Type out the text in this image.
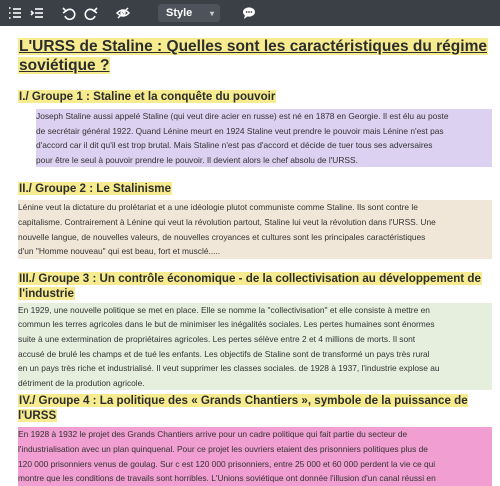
Style ▾
L'URSS de Staline : Quelles sont les caractéristiques du régime
soviétique ?
I./ Groupe 1 : Staline et la conquête du pouvoir

Joseph Staline aussi appelé Staline (qui veut dire acier en russe) est né en 1878 en Georgie. Il est élu au poste

de secrétair général 1922. Quand Lénine meurt en 1924 Staline veut prendre le pouvoir mais Lénine n'est pas

d'accord car il dit qu'il est trop brutal. Mais Staline n'est pas d'accord et décide de tuer tous ses adversaires

pour être le seul à pouvoir prendre le pouvoir. Il devient alors le chef absolu de l'URSS.

II./ Groupe 2 : Le Stalinisme

Lénine veut la dictature du prolétariat et a une idéologie plutot communiste comme Staline. Ils sont contre le

capitalisme. Contrairement à Lénine qui veut la révolution partout, Staline lui veut la révolution dans l'URSS. Une

nouvelle langue, de nouvelles valeurs, de nouvelles croyances et cultures sont les principales caractéristiques

d'un "Homme nouveau" qui est beau, fort et musclé.....

III./ Groupe 3 : Un contrôle économique - de la collectivisation au développement de
l'industrie

En 1929, une nouvelle politique se met en place. Elle se nomme la "collectivisation" et elle consiste à mettre en

commun les terres agricoles dans le but de minimiser les inégalités sociales. Les pertes humaines sont énormes

suite à une extermination de propriétaires agricoles. Les pertes sélève entre 2 et 4 millions de morts. Il sont

accusé de brulé les champs et de tué les enfants. Les objectifs de Staline sont de transformé un pays très rural

en un pays très riche et industrialisé. Il veut supprimer les classes sociales. de 1928 à 1937, l'industrie explose au

détriment de la prodution agricole.

IV./ Groupe 4 : La politique des « Grands Chantiers », symbole de la puissance de l'URSS

En 1928 à 1932 le projet des Grands Chantiers arrive pour un cadre politique qui fait partie du secteur de

l'industrialisation avec un plan quinquenal. Pour ce projet les ouvriers etaient des prisonniers politiques plus de

120 000 prisonniers venus de goulag. Sur c est 120 000 prisonniers, entre 25 000 et 60 000 perdent la vie ce qui

montre que les conditions de travails sont horribles. L'Unions soviétique ont donnée l'illusion d'un canal réussi en
